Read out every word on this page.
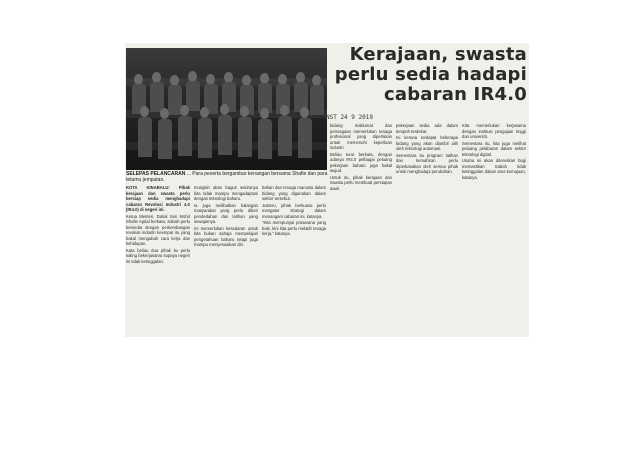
Kerajaan, swasta
perlu sedia hadapi
cabaran IR4.0
NST 24 9 2019
SELEPAS PELANCARAN ... Para peserta bergambar kenangan bersama Shafie dan para tetamu jemputan.

KOTA KINABALU: Pihak kerajaan dan swasta perlu bersiap sedia menghadapi cabaran Revolusi Industri 4.0 (IR4.0) di negeri ini.

Ketua Menteri, Datuk Seri Mohd Shafie Apdal berkata, Sabah perlu bersedia dengan perkembangan revolusi industri keempat itu yang bakal mengubah cara kerja dan kehidupan.

Kata beliau dua pihak itu perlu saling bekerjasama supaya negeri ini tidak ketinggalan.

mungkin akan bagus sekiranya kita tidak mampu mengadaptasi dengan teknologi baharu.

Ia juga melibatkan kalangan masyarakat yang perlu diberi pendedahan dan latihan yang sewajarnya.

Ini memerlukan kesedaran untuk kita bukan sahaja mempelajari pengetahuan baharu tetapi juga mampu menyesuaikan diri.

bahan dan tenaga manusia dalam bidang yang digunakan dalam sektor tersebut.

Justeru, pihak berkuasa perlu mengatur strategi dalam menangani cabaran ini, katanya.

"Kita mempunyai prasarana yang baik, kini kita perlu melatih tenaga kerja," katanya.

bidang maklumat dan perniagaan memerlukan tenaga profesional yang diperlukan untuk memenuhi keperluan industri.

Beliau turut berkata, dengan adanya IR4.0 pelbagai peluang pekerjaan baharu juga bakal wujud.

Untuk itu, pihak kerajaan dan swasta perlu membuat persiapan awal.

pekerjaan sedia ada dalam tempoh terdekat.

Ini kerana terdapat beberapa bidang yang akan diambil alih oleh teknologi automasi.

Sementara itu program latihan dan kemahiran perlu diperkasakan oleh semua pihak untuk menghadapi perubahan.

Kita memerlukan kerjasama dengan institusi pengajian tinggi dan universiti.

Sementara itu, kita juga melihat peluang pelaburan dalam sektor teknologi digital.

Usaha ini akan diteruskan bagi memastikan Sabah tidak ketinggalan dalam arus kemajuan, katanya.
